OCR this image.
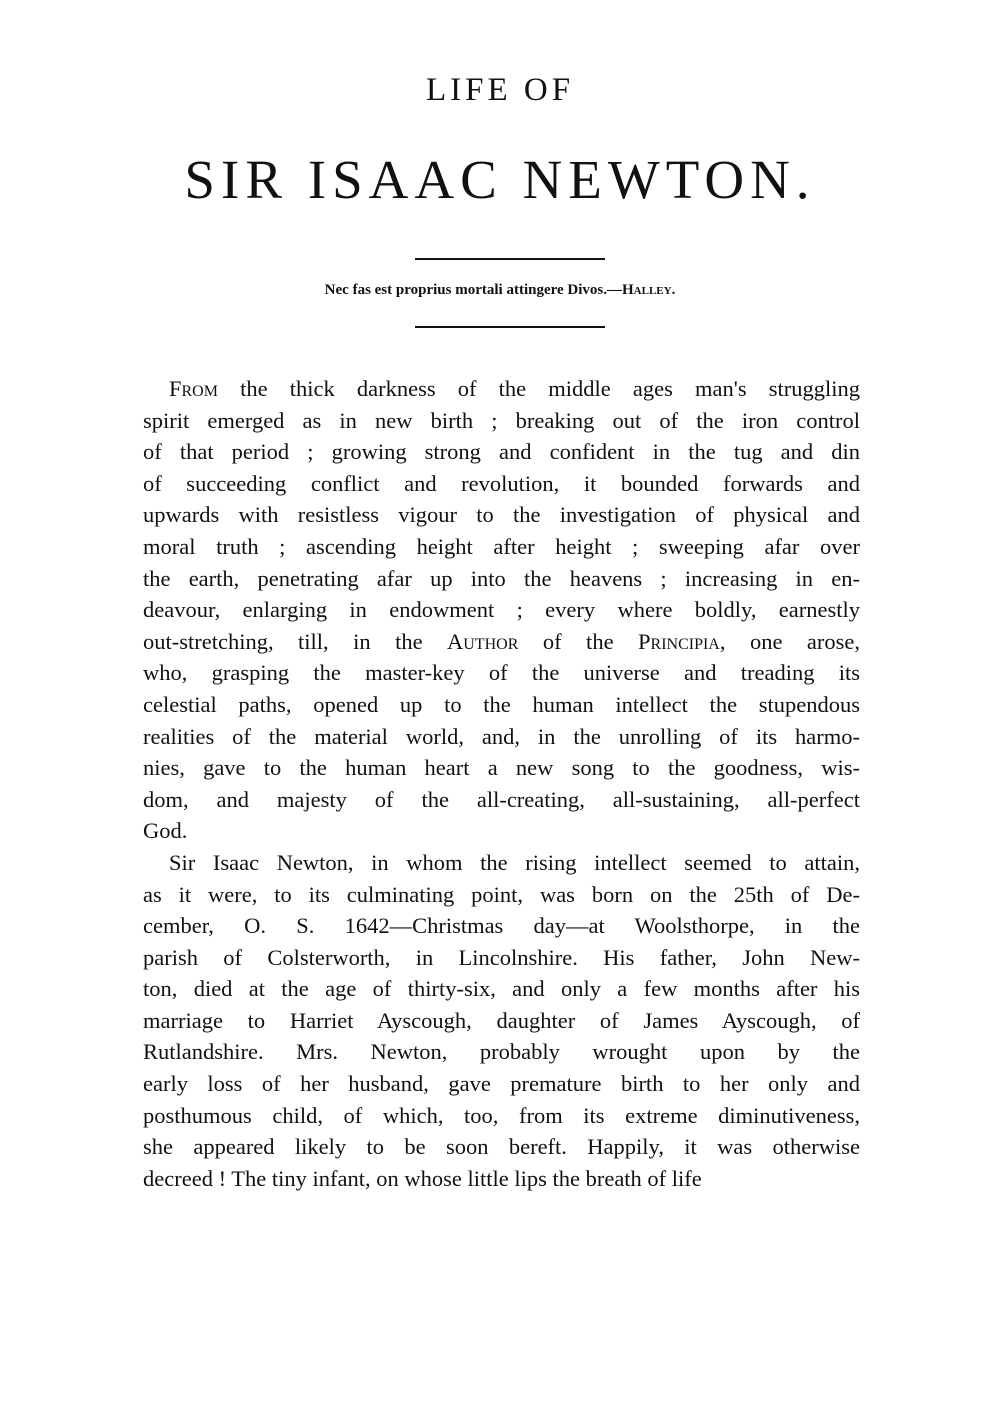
LIFE OF
SIR ISAAC NEWTON.
Nec fas est proprius mortali attingere Divos.—Halley.
From the thick darkness of the middle ages man's struggling
spirit emerged as in new birth ; breaking out of the iron control
of that period ; growing strong and confident in the tug and din
of succeeding conflict and revolution, it bounded forwards and
upwards with resistless vigour to the investigation of physical and
moral truth ; ascending height after height ; sweeping afar over
the earth, penetrating afar up into the heavens ; increasing in en-
deavour, enlarging in endowment ; every where boldly, earnestly
out-stretching, till, in the Author of the Principia, one arose,
who, grasping the master-key of the universe and treading its
celestial paths, opened up to the human intellect the stupendous
realities of the material world, and, in the unrolling of its harmo-
nies, gave to the human heart a new song to the goodness, wis-
dom, and majesty of the all-creating, all-sustaining, all-perfect
God.
Sir Isaac Newton, in whom the rising intellect seemed to attain,
as it were, to its culminating point, was born on the 25th of De-
cember, O. S. 1642—Christmas day—at Woolsthorpe, in the
parish of Colsterworth, in Lincolnshire. His father, John New-
ton, died at the age of thirty-six, and only a few months after his
marriage to Harriet Ayscough, daughter of James Ayscough, of
Rutlandshire. Mrs. Newton, probably wrought upon by the
early loss of her husband, gave premature birth to her only and
posthumous child, of which, too, from its extreme diminutiveness,
she appeared likely to be soon bereft. Happily, it was otherwise
decreed ! The tiny infant, on whose little lips the breath of life
